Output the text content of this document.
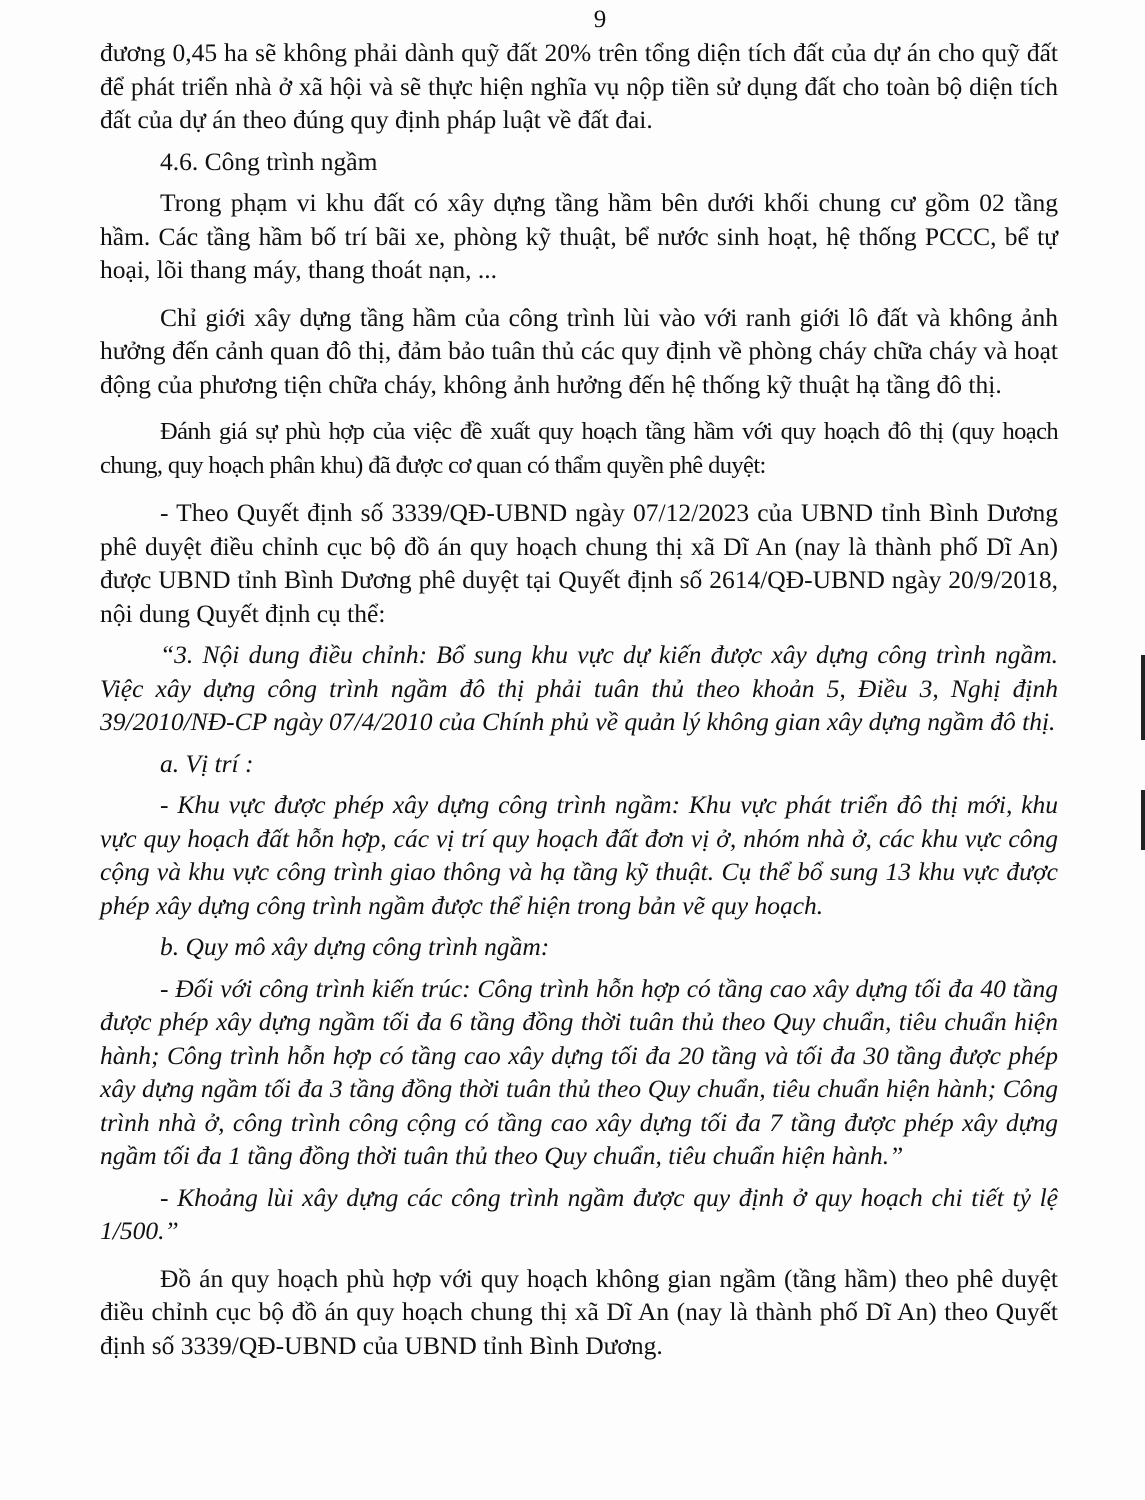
9

đương 0,45 ha sẽ không phải dành quỹ đất 20% trên tổng diện tích đất của dự án cho quỹ đất để phát triển nhà ở xã hội và sẽ thực hiện nghĩa vụ nộp tiền sử dụng đất cho toàn bộ diện tích đất của dự án theo đúng quy định pháp luật về đất đai.

4.6. Công trình ngầm

Trong phạm vi khu đất có xây dựng tầng hầm bên dưới khối chung cư gồm 02 tầng hầm. Các tầng hầm bố trí bãi xe, phòng kỹ thuật, bể nước sinh hoạt, hệ thống PCCC, bể tự hoại, lõi thang máy, thang thoát nạn, ...

Chỉ giới xây dựng tầng hầm của công trình lùi vào với ranh giới lô đất và không ảnh hưởng đến cảnh quan đô thị, đảm bảo tuân thủ các quy định về phòng cháy chữa cháy và hoạt động của phương tiện chữa cháy, không ảnh hưởng đến hệ thống kỹ thuật hạ tầng đô thị.

Đánh giá sự phù hợp của việc đề xuất quy hoạch tầng hầm với quy hoạch đô thị (quy hoạch chung, quy hoạch phân khu) đã được cơ quan có thẩm quyền phê duyệt:

- Theo Quyết định số 3339/QĐ-UBND ngày 07/12/2023 của UBND tỉnh Bình Dương phê duyệt điều chỉnh cục bộ đồ án quy hoạch chung thị xã Dĩ An (nay là thành phố Dĩ An) được UBND tỉnh Bình Dương phê duyệt tại Quyết định số 2614/QĐ-UBND ngày 20/9/2018, nội dung Quyết định cụ thể:

“3. Nội dung điều chỉnh: Bổ sung khu vực dự kiến được xây dựng công trình ngầm. Việc xây dựng công trình ngầm đô thị phải tuân thủ theo khoản 5, Điều 3, Nghị định 39/2010/NĐ-CP ngày 07/4/2010 của Chính phủ về quản lý không gian xây dựng ngầm đô thị.

a. Vị trí :

- Khu vực được phép xây dựng công trình ngầm: Khu vực phát triển đô thị mới, khu vực quy hoạch đất hỗn hợp, các vị trí quy hoạch đất đơn vị ở, nhóm nhà ở, các khu vực công cộng và khu vực công trình giao thông và hạ tầng kỹ thuật. Cụ thể bổ sung 13 khu vực được phép xây dựng công trình ngầm được thể hiện trong bản vẽ quy hoạch.

b. Quy mô xây dựng công trình ngầm:

- Đối với công trình kiến trúc: Công trình hỗn hợp có tầng cao xây dựng tối đa 40 tầng được phép xây dựng ngầm tối đa 6 tầng đồng thời tuân thủ theo Quy chuẩn, tiêu chuẩn hiện hành; Công trình hỗn hợp có tầng cao xây dựng tối đa 20 tầng và tối đa 30 tầng được phép xây dựng ngầm tối đa 3 tầng đồng thời tuân thủ theo Quy chuẩn, tiêu chuẩn hiện hành; Công trình nhà ở, công trình công cộng có tầng cao xây dựng tối đa 7 tầng được phép xây dựng ngầm tối đa 1 tầng đồng thời tuân thủ theo Quy chuẩn, tiêu chuẩn hiện hành.”

- Khoảng lùi xây dựng các công trình ngầm được quy định ở quy hoạch chi tiết tỷ lệ 1/500.”

Đồ án quy hoạch phù hợp với quy hoạch không gian ngầm (tầng hầm) theo phê duyệt điều chỉnh cục bộ đồ án quy hoạch chung thị xã Dĩ An (nay là thành phố Dĩ An) theo Quyết định số 3339/QĐ-UBND của UBND tỉnh Bình Dương.
